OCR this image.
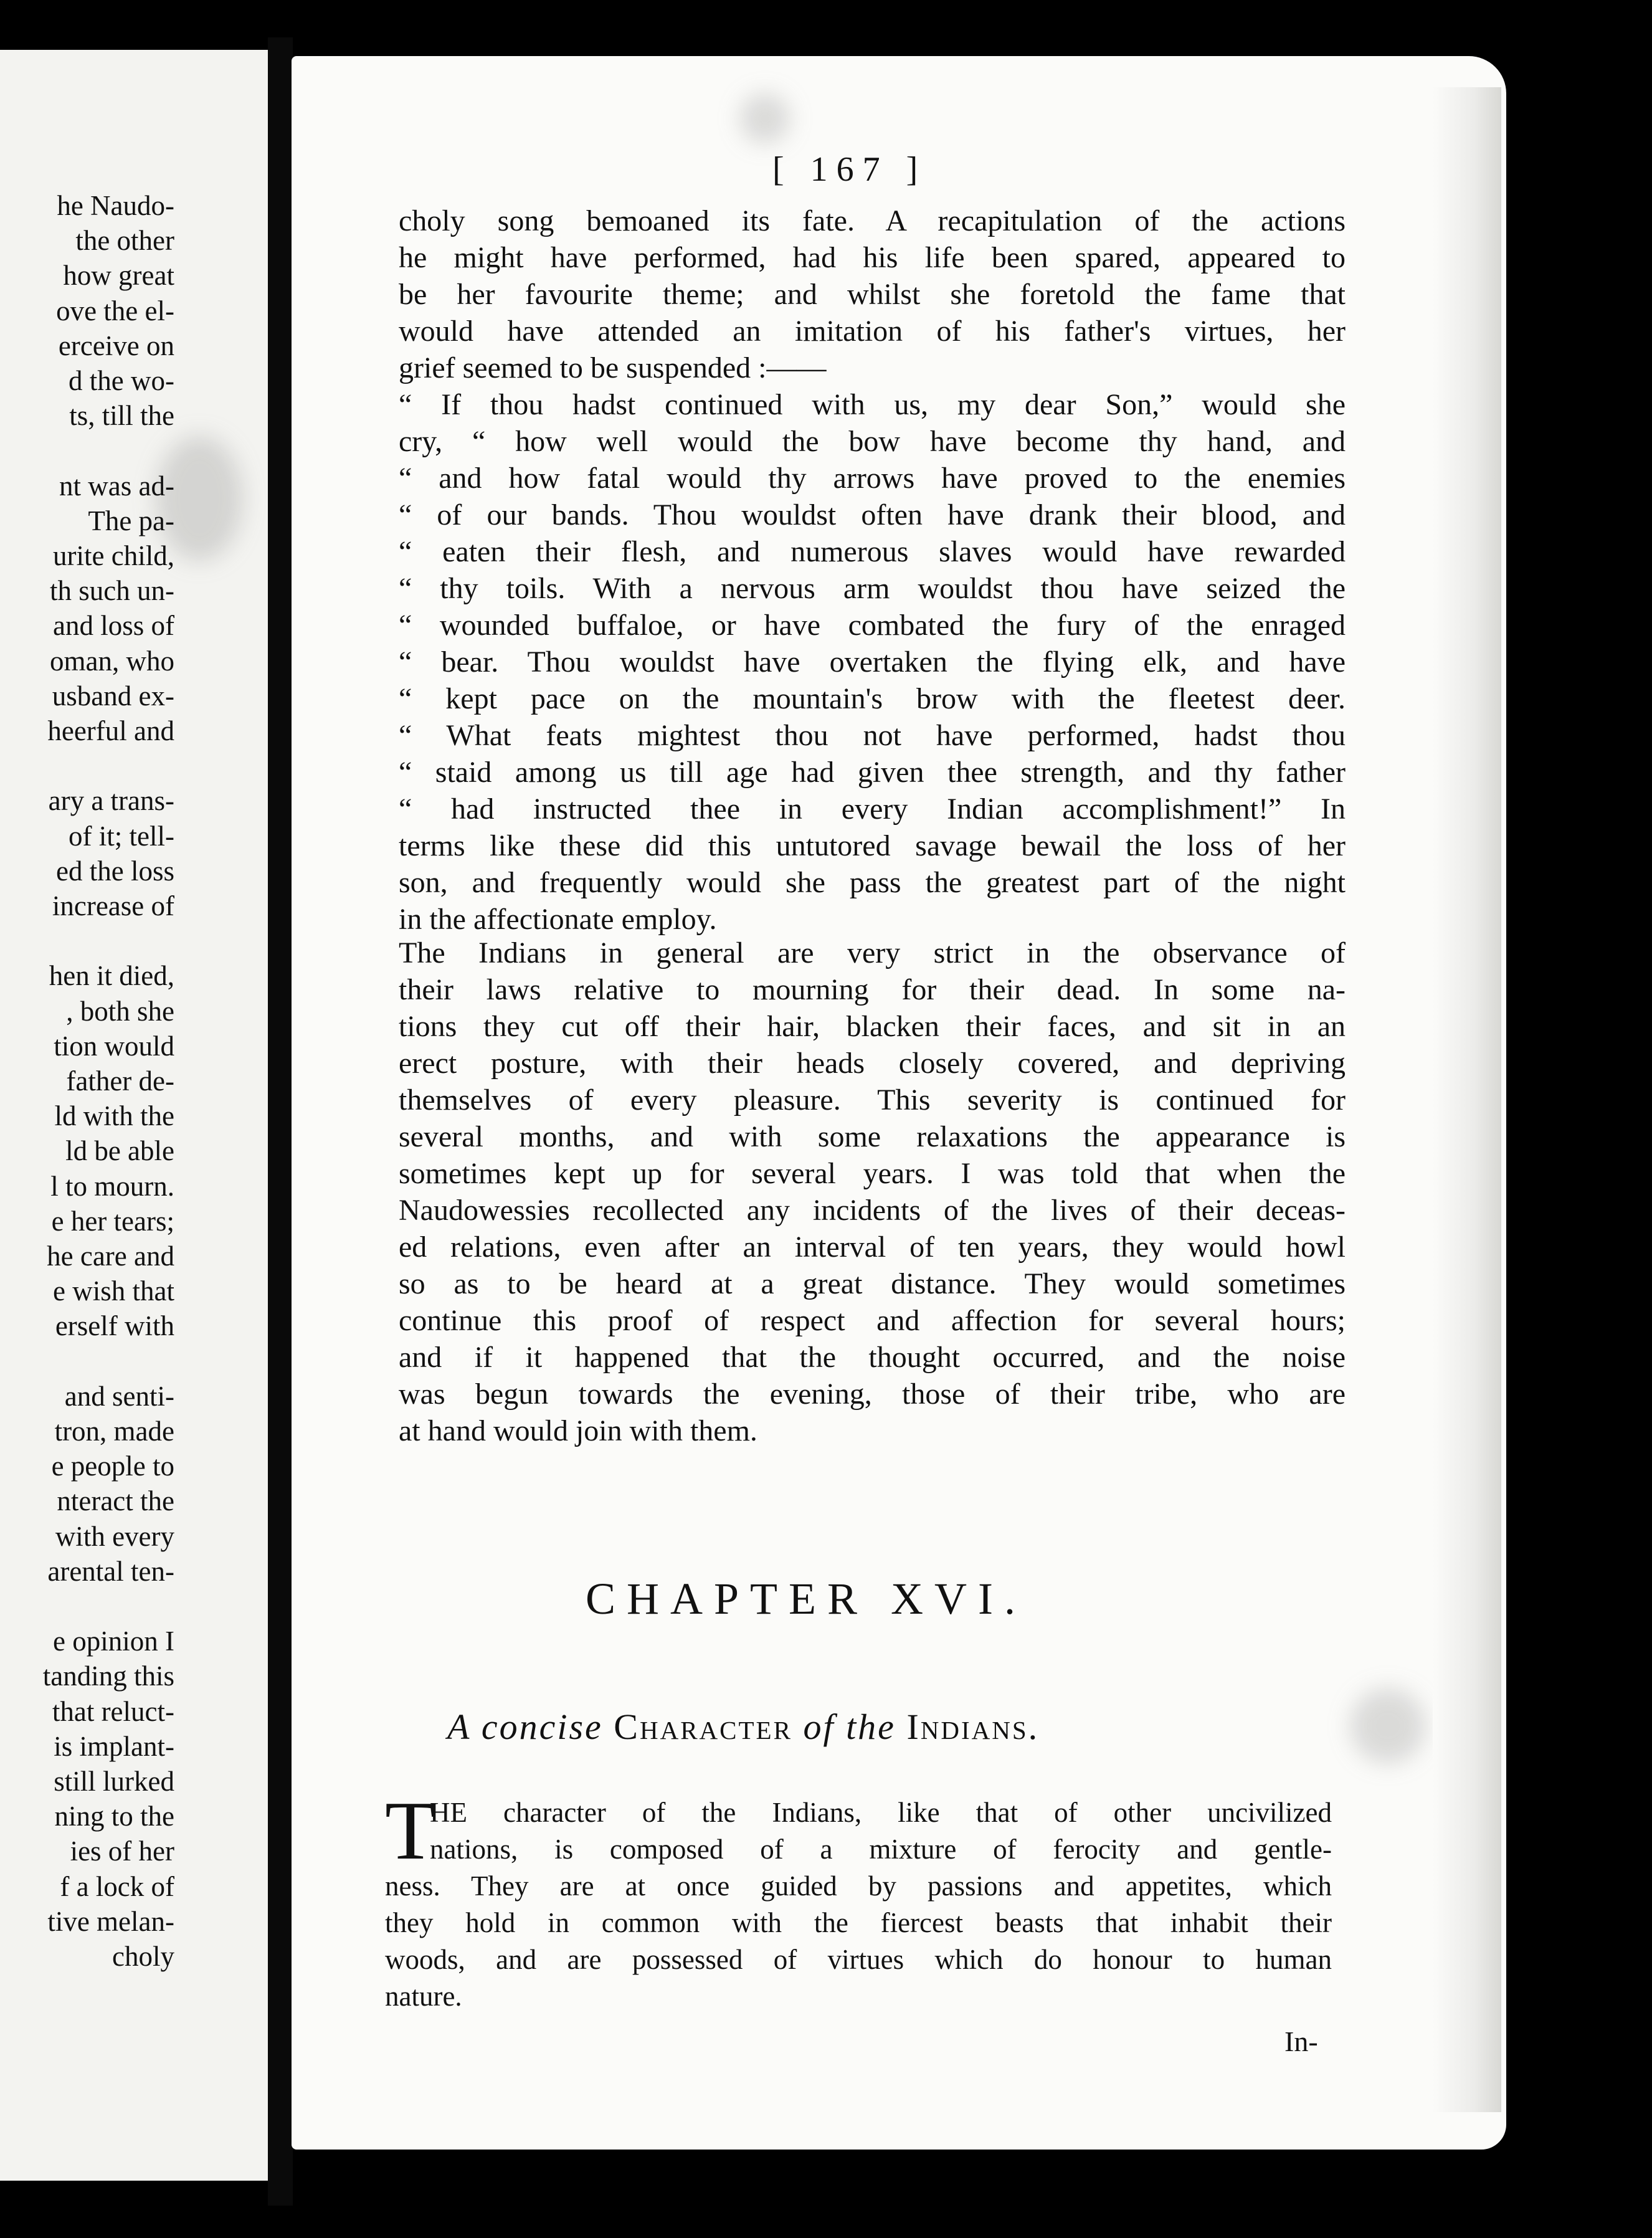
he Naudo-
the other
how great
ove the el-
erceive on
d the wo-
ts, till the
nt was ad-
The pa-
urite child,
th such un-
and loss of
oman, who
usband ex-
heerful and
ary a trans-
of it; tell-
ed the loss
increase of
hen it died,
, both she
tion would
father de-
ld with the
ld be able
l to mourn.
e her tears;
he care and
e wish that
erself with
and senti-
tron, made
e people to
nteract the
with every
arental ten-
e opinion I
tanding this
that reluct-
is implant-
still lurked
ning to the
ies of her
f a lock of
tive melan-
choly
[ 167 ]
choly song bemoaned its fate. A recapitulation of the actions
he might have performed, had his life been spared, appeared to
be her favourite theme; and whilst she foretold the fame that
would have attended an imitation of his father's virtues, her
grief seemed to be suspended :——
“ If thou hadst continued with us, my dear Son,” would she
cry, “ how well would the bow have become thy hand, and
“ and how fatal would thy arrows have proved to the enemies
“ of our bands. Thou wouldst often have drank their blood, and
“ eaten their flesh, and numerous slaves would have rewarded
“ thy toils. With a nervous arm wouldst thou have seized the
“ wounded buffaloe, or have combated the fury of the enraged
“ bear. Thou wouldst have overtaken the flying elk, and have
“ kept pace on the mountain's brow with the fleetest deer.
“ What feats mightest thou not have performed, hadst thou
“ staid among us till age had given thee strength, and thy father
“ had instructed thee in every Indian accomplishment!” In
terms like these did this untutored savage bewail the loss of her
son, and frequently would she pass the greatest part of the night
in the affectionate employ.
The Indians in general are very strict in the observance of
their laws relative to mourning for their dead. In some na-
tions they cut off their hair, blacken their faces, and sit in an
erect posture, with their heads closely covered, and depriving
themselves of every pleasure. This severity is continued for
several months, and with some relaxations the appearance is
sometimes kept up for several years. I was told that when the
Naudowessies recollected any incidents of the lives of their deceas-
ed relations, even after an interval of ten years, they would howl
so as to be heard at a great distance. They would sometimes
continue this proof of respect and affection for several hours;
and if it happened that the thought occurred, and the noise
was begun towards the evening, those of their tribe, who are
at hand would join with them.
CHAPTER XVI.
A concise Character of the Indians.
T
HE character of the Indians, like that of other uncivilized
nations, is composed of a mixture of ferocity and gentle-
ness. They are at once guided by passions and appetites, which
they hold in common with the fiercest beasts that inhabit their
woods, and are possessed of virtues which do honour to human
nature.
In-
